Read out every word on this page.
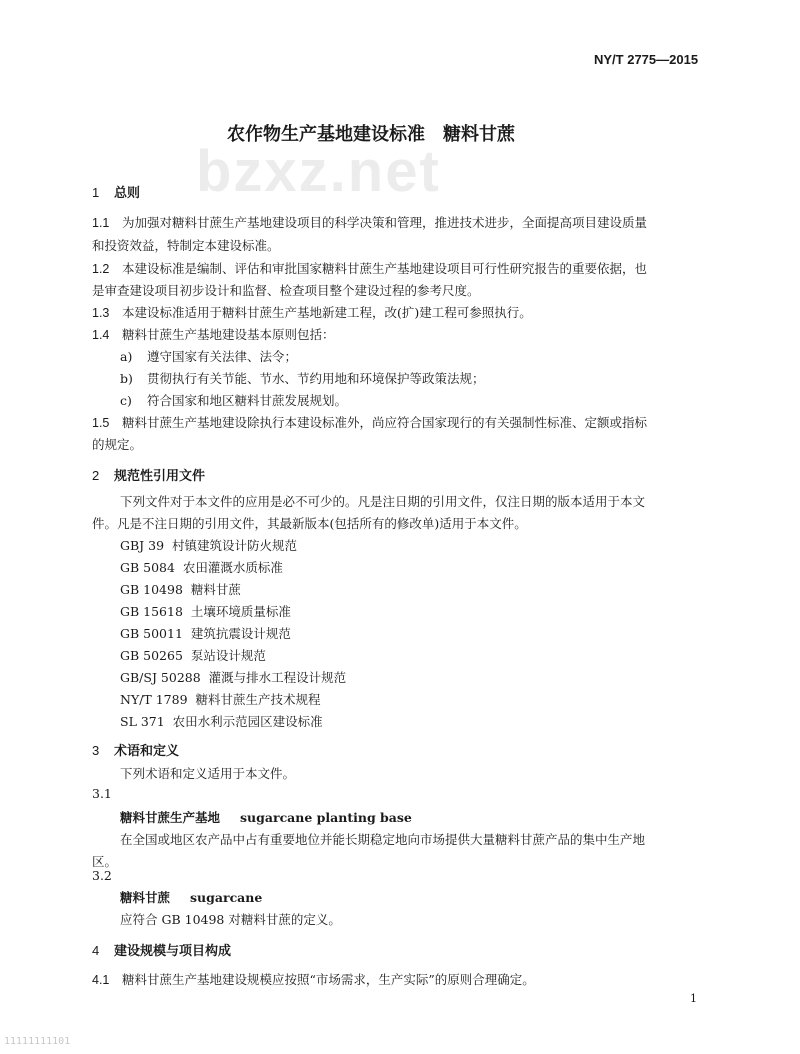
NY/T 2775—2015
bzxz.net
农作物生产基地建设标准　糖料甘蔗
1 总则
1.1 为加强对糖料甘蔗生产基地建设项目的科学决策和管理，推进技术进步，全面提高项目建设质量
和投资效益，特制定本建设标准。
1.2 本建设标准是编制、评估和审批国家糖料甘蔗生产基地建设项目可行性研究报告的重要依据，也
是审查建设项目初步设计和监督、检查项目整个建设过程的参考尺度。
1.3 本建设标准适用于糖料甘蔗生产基地新建工程，改(扩)建工程可参照执行。
1.4 糖料甘蔗生产基地建设基本原则包括：
a) 遵守国家有关法律、法令；
b) 贯彻执行有关节能、节水、节约用地和环境保护等政策法规；
c) 符合国家和地区糖料甘蔗发展规划。
1.5 糖料甘蔗生产基地建设除执行本建设标准外，尚应符合国家现行的有关强制性标准、定额或指标
的规定。
2 规范性引用文件
下列文件对于本文件的应用是必不可少的。凡是注日期的引用文件，仅注日期的版本适用于本文
件。凡是不注日期的引用文件，其最新版本(包括所有的修改单)适用于本文件。
GBJ 39 村镇建筑设计防火规范
GB 5084 农田灌溉水质标准
GB 10498 糖料甘蔗
GB 15618 土壤环境质量标准
GB 50011 建筑抗震设计规范
GB 50265 泵站设计规范
GB/SJ 50288 灌溉与排水工程设计规范
NY/T 1789 糖料甘蔗生产技术规程
SL 371 农田水利示范园区建设标准
3 术语和定义
下列术语和定义适用于本文件。
3.1
糖料甘蔗生产基地 sugarcane planting base
在全国或地区农产品中占有重要地位并能长期稳定地向市场提供大量糖料甘蔗产品的集中生产地
区。
3.2
糖料甘蔗 sugarcane
应符合 GB 10498 对糖料甘蔗的定义。
4 建设规模与项目构成
4.1 糖料甘蔗生产基地建设规模应按照“市场需求，生产实际”的原则合理确定。
1
11111111101
